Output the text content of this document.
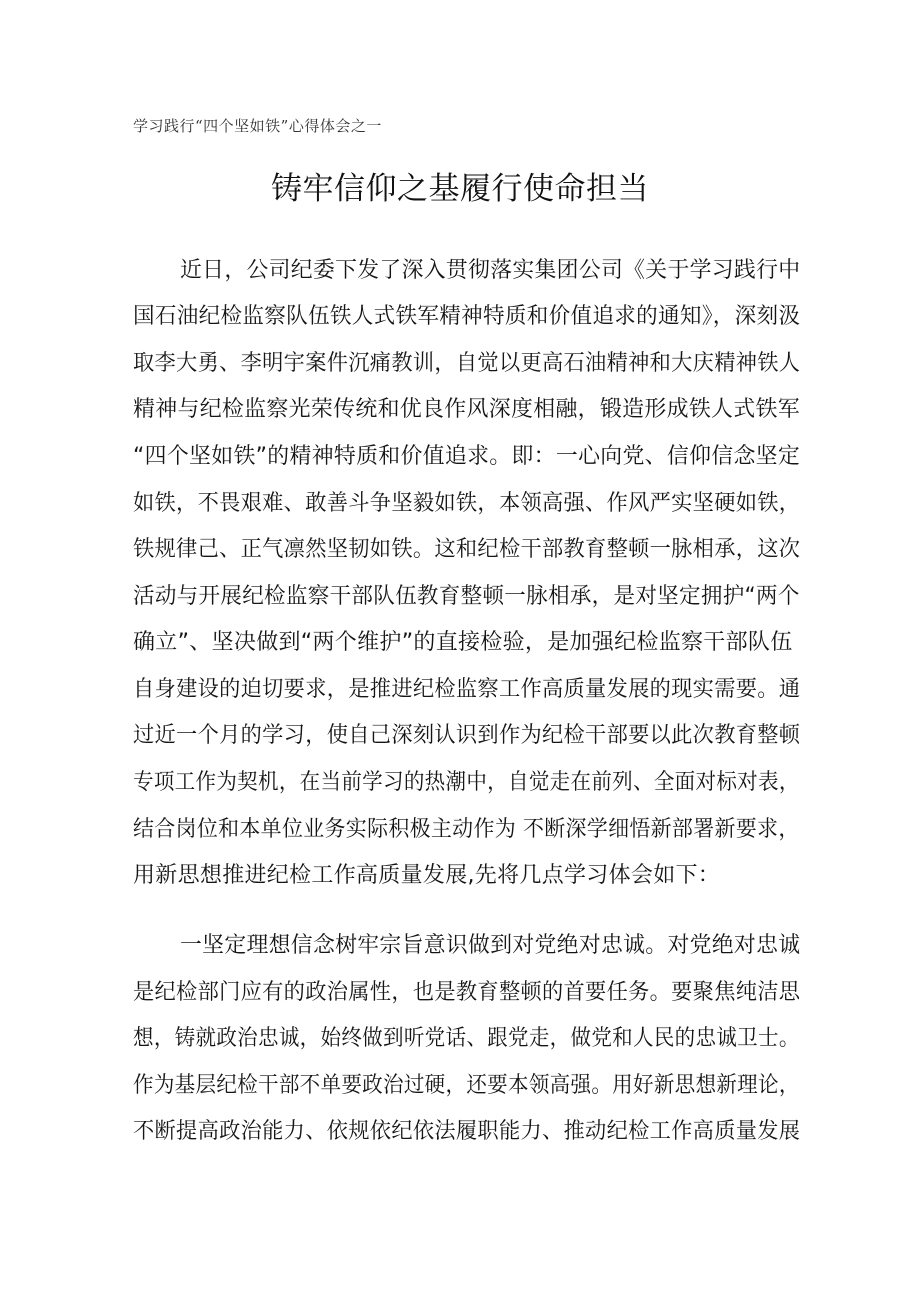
学习践行“四个坚如铁”心得体会之一
铸牢信仰之基履行使命担当
近日，公司纪委下发了深入贯彻落实集团公司《关于学习践行中
国石油纪检监察队伍铁人式铁军精神特质和价值追求的通知》，深刻汲
取李大勇、李明宇案件沉痛教训，自觉以更高石油精神和大庆精神铁人
精神与纪检监察光荣传统和优良作风深度相融，锻造形成铁人式铁军
“四个坚如铁”的精神特质和价值追求。即：一心向党、信仰信念坚定
如铁，不畏艰难、敢善斗争坚毅如铁，本领高强、作风严实坚硬如铁，
铁规律己、正气凛然坚韧如铁。这和纪检干部教育整顿一脉相承，这次
活动与开展纪检监察干部队伍教育整顿一脉相承，是对坚定拥护“两个
确立”、坚决做到“两个维护”的直接检验，是加强纪检监察干部队伍
自身建设的迫切要求，是推进纪检监察工作高质量发展的现实需要。通
过近一个月的学习，使自己深刻认识到作为纪检干部要以此次教育整顿
专项工作为契机，在当前学习的热潮中，自觉走在前列、全面对标对表，
结合岗位和本单位业务实际积极主动作为 不断深学细悟新部署新要求，
用新思想推进纪检工作高质量发展,先将几点学习体会如下：
一坚定理想信念树牢宗旨意识做到对党绝对忠诚。对党绝对忠诚
是纪检部门应有的政治属性，也是教育整顿的首要任务。要聚焦纯洁思
想，铸就政治忠诚，始终做到听党话、跟党走，做党和人民的忠诚卫士。
作为基层纪检干部不单要政治过硬，还要本领高强。用好新思想新理论，
不断提高政治能力、依规依纪依法履职能力、推动纪检工作高质量发展
